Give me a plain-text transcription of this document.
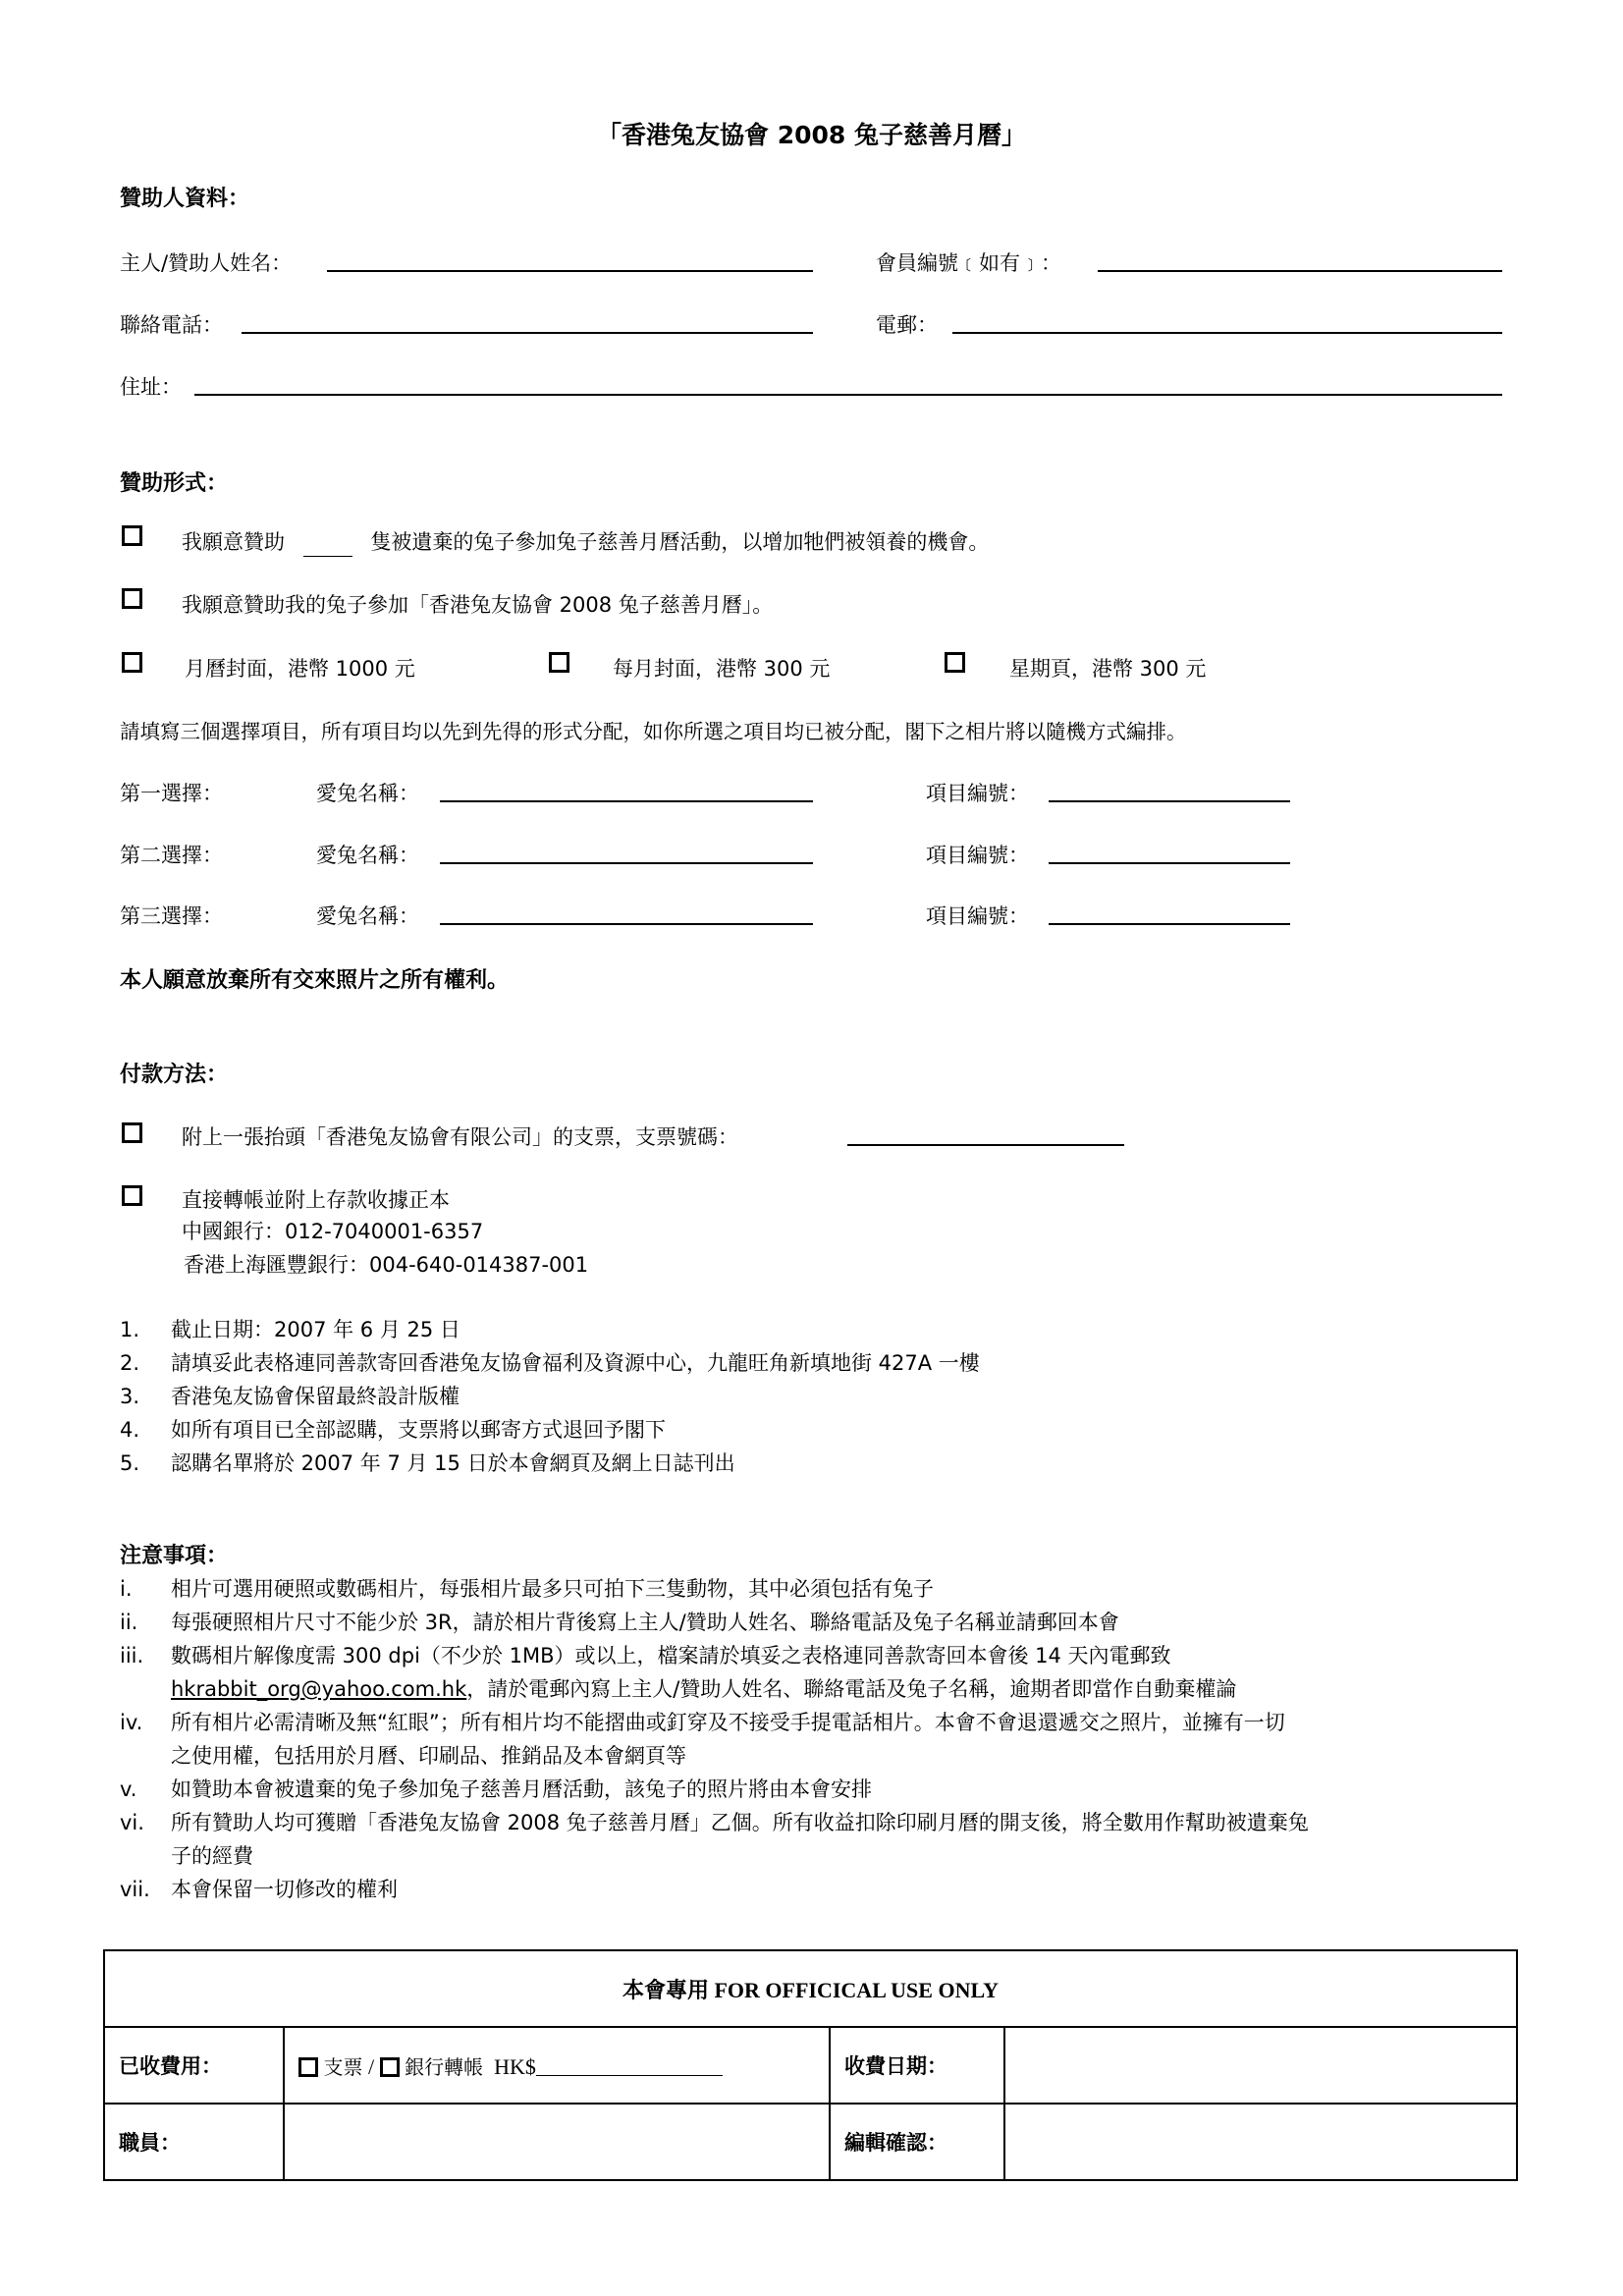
「香港兔友協會 2008 兔子慈善月曆」
贊助人資料：
主人/贊助人姓名：	會員編號﹝如有﹞：
聯絡電話：	電郵：
住址：
贊助形式：
我願意贊助	隻被遺棄的兔子參加兔子慈善月曆活動，以增加牠們被領養的機會。
我願意贊助我的兔子參加「香港兔友協會 2008 兔子慈善月曆」。
月曆封面，港幣 1000 元	每月封面，港幣 300 元	星期頁，港幣 300 元
請填寫三個選擇項目，所有項目均以先到先得的形式分配，如你所選之項目均已被分配，閣下之相片將以隨機方式編排。
第一選擇：	愛兔名稱：	項目編號：
第二選擇：	愛兔名稱：	項目編號：
第三選擇：	愛兔名稱：	項目編號：
本人願意放棄所有交來照片之所有權利。
付款方法：
附上一張抬頭「香港兔友協會有限公司」的支票，支票號碼：
直接轉帳並附上存款收據正本
中國銀行：012-7040001-6357
香港上海匯豐銀行：004-640-014387-001
1. 截止日期：2007 年 6 月 25 日
2. 請填妥此表格連同善款寄回香港兔友協會福利及資源中心，九龍旺角新填地街 427A 一樓
3. 香港兔友協會保留最終設計版權
4. 如所有項目已全部認購，支票將以郵寄方式退回予閣下
5. 認購名單將於 2007 年 7 月 15 日於本會網頁及網上日誌刊出
注意事項：
i. 相片可選用硬照或數碼相片，每張相片最多只可拍下三隻動物，其中必須包括有兔子
ii. 每張硬照相片尺寸不能少於 3R，請於相片背後寫上主人/贊助人姓名、聯絡電話及兔子名稱並請郵回本會
iii. 數碼相片解像度需 300 dpi（不少於 1MB）或以上，檔案請於填妥之表格連同善款寄回本會後 14 天內電郵致
hkrabbit_org@yahoo.com.hk，請於電郵內寫上主人/贊助人姓名、聯絡電話及兔子名稱，逾期者即當作自動棄權論
iv. 所有相片必需清晰及無“紅眼”；所有相片均不能摺曲或釘穿及不接受手提電話相片。本會不會退還遞交之照片，並擁有一切
之使用權，包括用於月曆、印刷品、推銷品及本會網頁等
v. 如贊助本會被遺棄的兔子參加兔子慈善月曆活動，該兔子的照片將由本會安排
vi. 所有贊助人均可獲贈「香港兔友協會 2008 兔子慈善月曆」乙個。所有收益扣除印刷月曆的開支後，將全數用作幫助被遺棄兔
子的經費
vii. 本會保留一切修改的權利
本會專用 FOR OFFICICAL USE ONLY			
已收費用：	支票 / 銀行轉帳 HK$	收費日期：	
職員：		編輯確認：	
